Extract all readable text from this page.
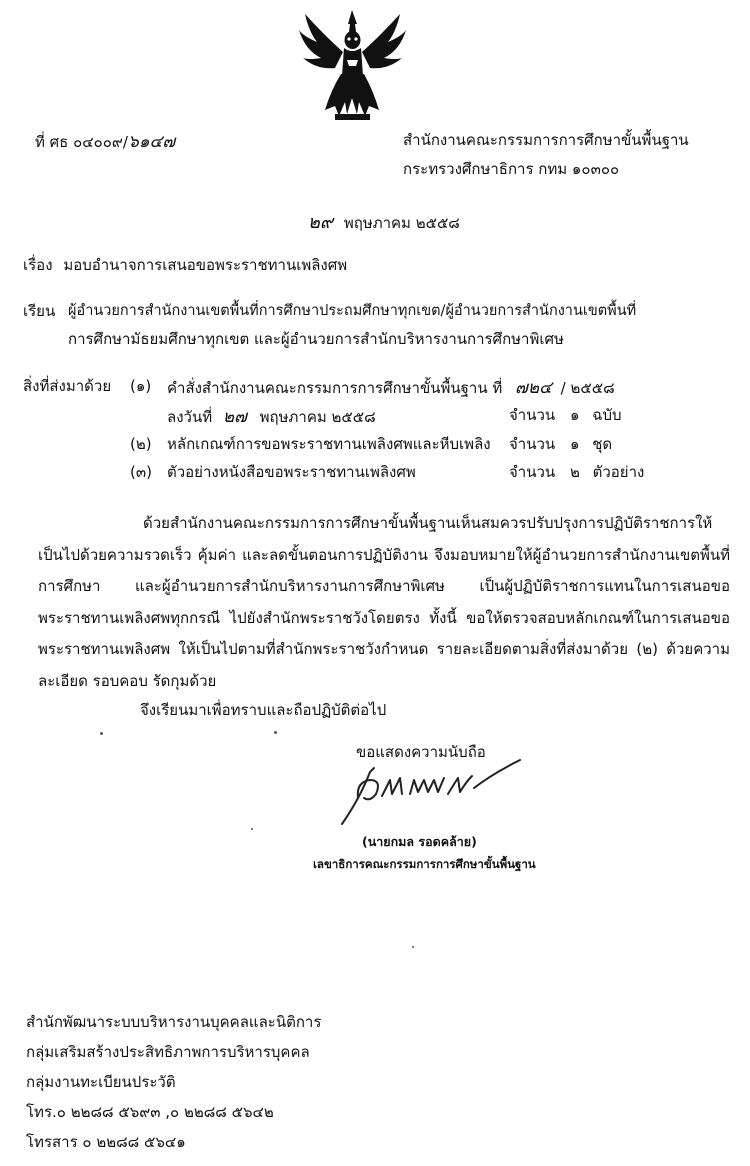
ที่ ศธ ๐๔๐๐๙/๖๑๔๗	สำนักงานคณะกรรมการการศึกษาขั้นพื้นฐาน
กระทรวงศึกษาธิการ กทม ๑๐๓๐๐
๒๙ พฤษภาคม ๒๕๕๘
เรื่อง มอบอำนาจการเสนอขอพระราชทานเพลิงศพ
เรียน ผู้อำนวยการสำนักงานเขตพื้นที่การศึกษาประถมศึกษาทุกเขต/ผู้อำนวยการสำนักงานเขตพื้นที่
การศึกษามัธยมศึกษาทุกเขต และผู้อำนวยการสำนักบริหารงานการศึกษาพิเศษ
สิ่งที่ส่งมาด้วย (๑) คำสั่งสำนักงานคณะกรรมการการศึกษาขั้นพื้นฐาน ที่ ๗๒๔ / ๒๕๕๘
ลงวันที่ ๒๗ พฤษภาคม ๒๕๕๘	จำนวน ๑ ฉบับ
(๒) หลักเกณฑ์การขอพระราชทานเพลิงศพและหีบเพลิง จำนวน ๑ ชุด
(๓) ตัวอย่างหนังสือขอพระราชทานเพลิงศพ	จำนวน ๒ ตัวอย่าง
ด้วยสำนักงานคณะกรรมการการศึกษาขั้นพื้นฐานเห็นสมควรปรับปรุงการปฏิบัติราชการให้เป็นไปด้วยความรวดเร็ว คุ้มค่า และลดขั้นตอนการปฏิบัติงาน จึงมอบหมายให้ผู้อำนวยการสำนักงานเขตพื้นที่การศึกษา และผู้อำนวยการสำนักบริหารงานการศึกษาพิเศษ เป็นผู้ปฏิบัติราชการแทนในการเสนอขอพระราชทานเพลิงศพทุกกรณี ไปยังสำนักพระราชวังโดยตรง ทั้งนี้ ขอให้ตรวจสอบหลักเกณฑ์ในการเสนอขอพระราชทานเพลิงศพ ให้เป็นไปตามที่สำนักพระราชวังกำหนด รายละเอียดตามสิ่งที่ส่งมาด้วย (๒) ด้วยความละเอียด รอบคอบ รัดกุมด้วย
จึงเรียนมาเพื่อทราบและถือปฏิบัติต่อไป
ขอแสดงความนับถือ
(นายกมล รอดคล้าย)
เลขาธิการคณะกรรมการการศึกษาขั้นพื้นฐาน
สำนักพัฒนาระบบบริหารงานบุคคลและนิติการ
กลุ่มเสริมสร้างประสิทธิภาพการบริหารบุคคล
กลุ่มงานทะเบียนประวัติ
โทร.๐ ๒๒๘๘ ๕๖๙๓ ,๐ ๒๒๘๘ ๕๖๔๒
โทรสาร ๐ ๒๒๘๘ ๕๖๔๑
